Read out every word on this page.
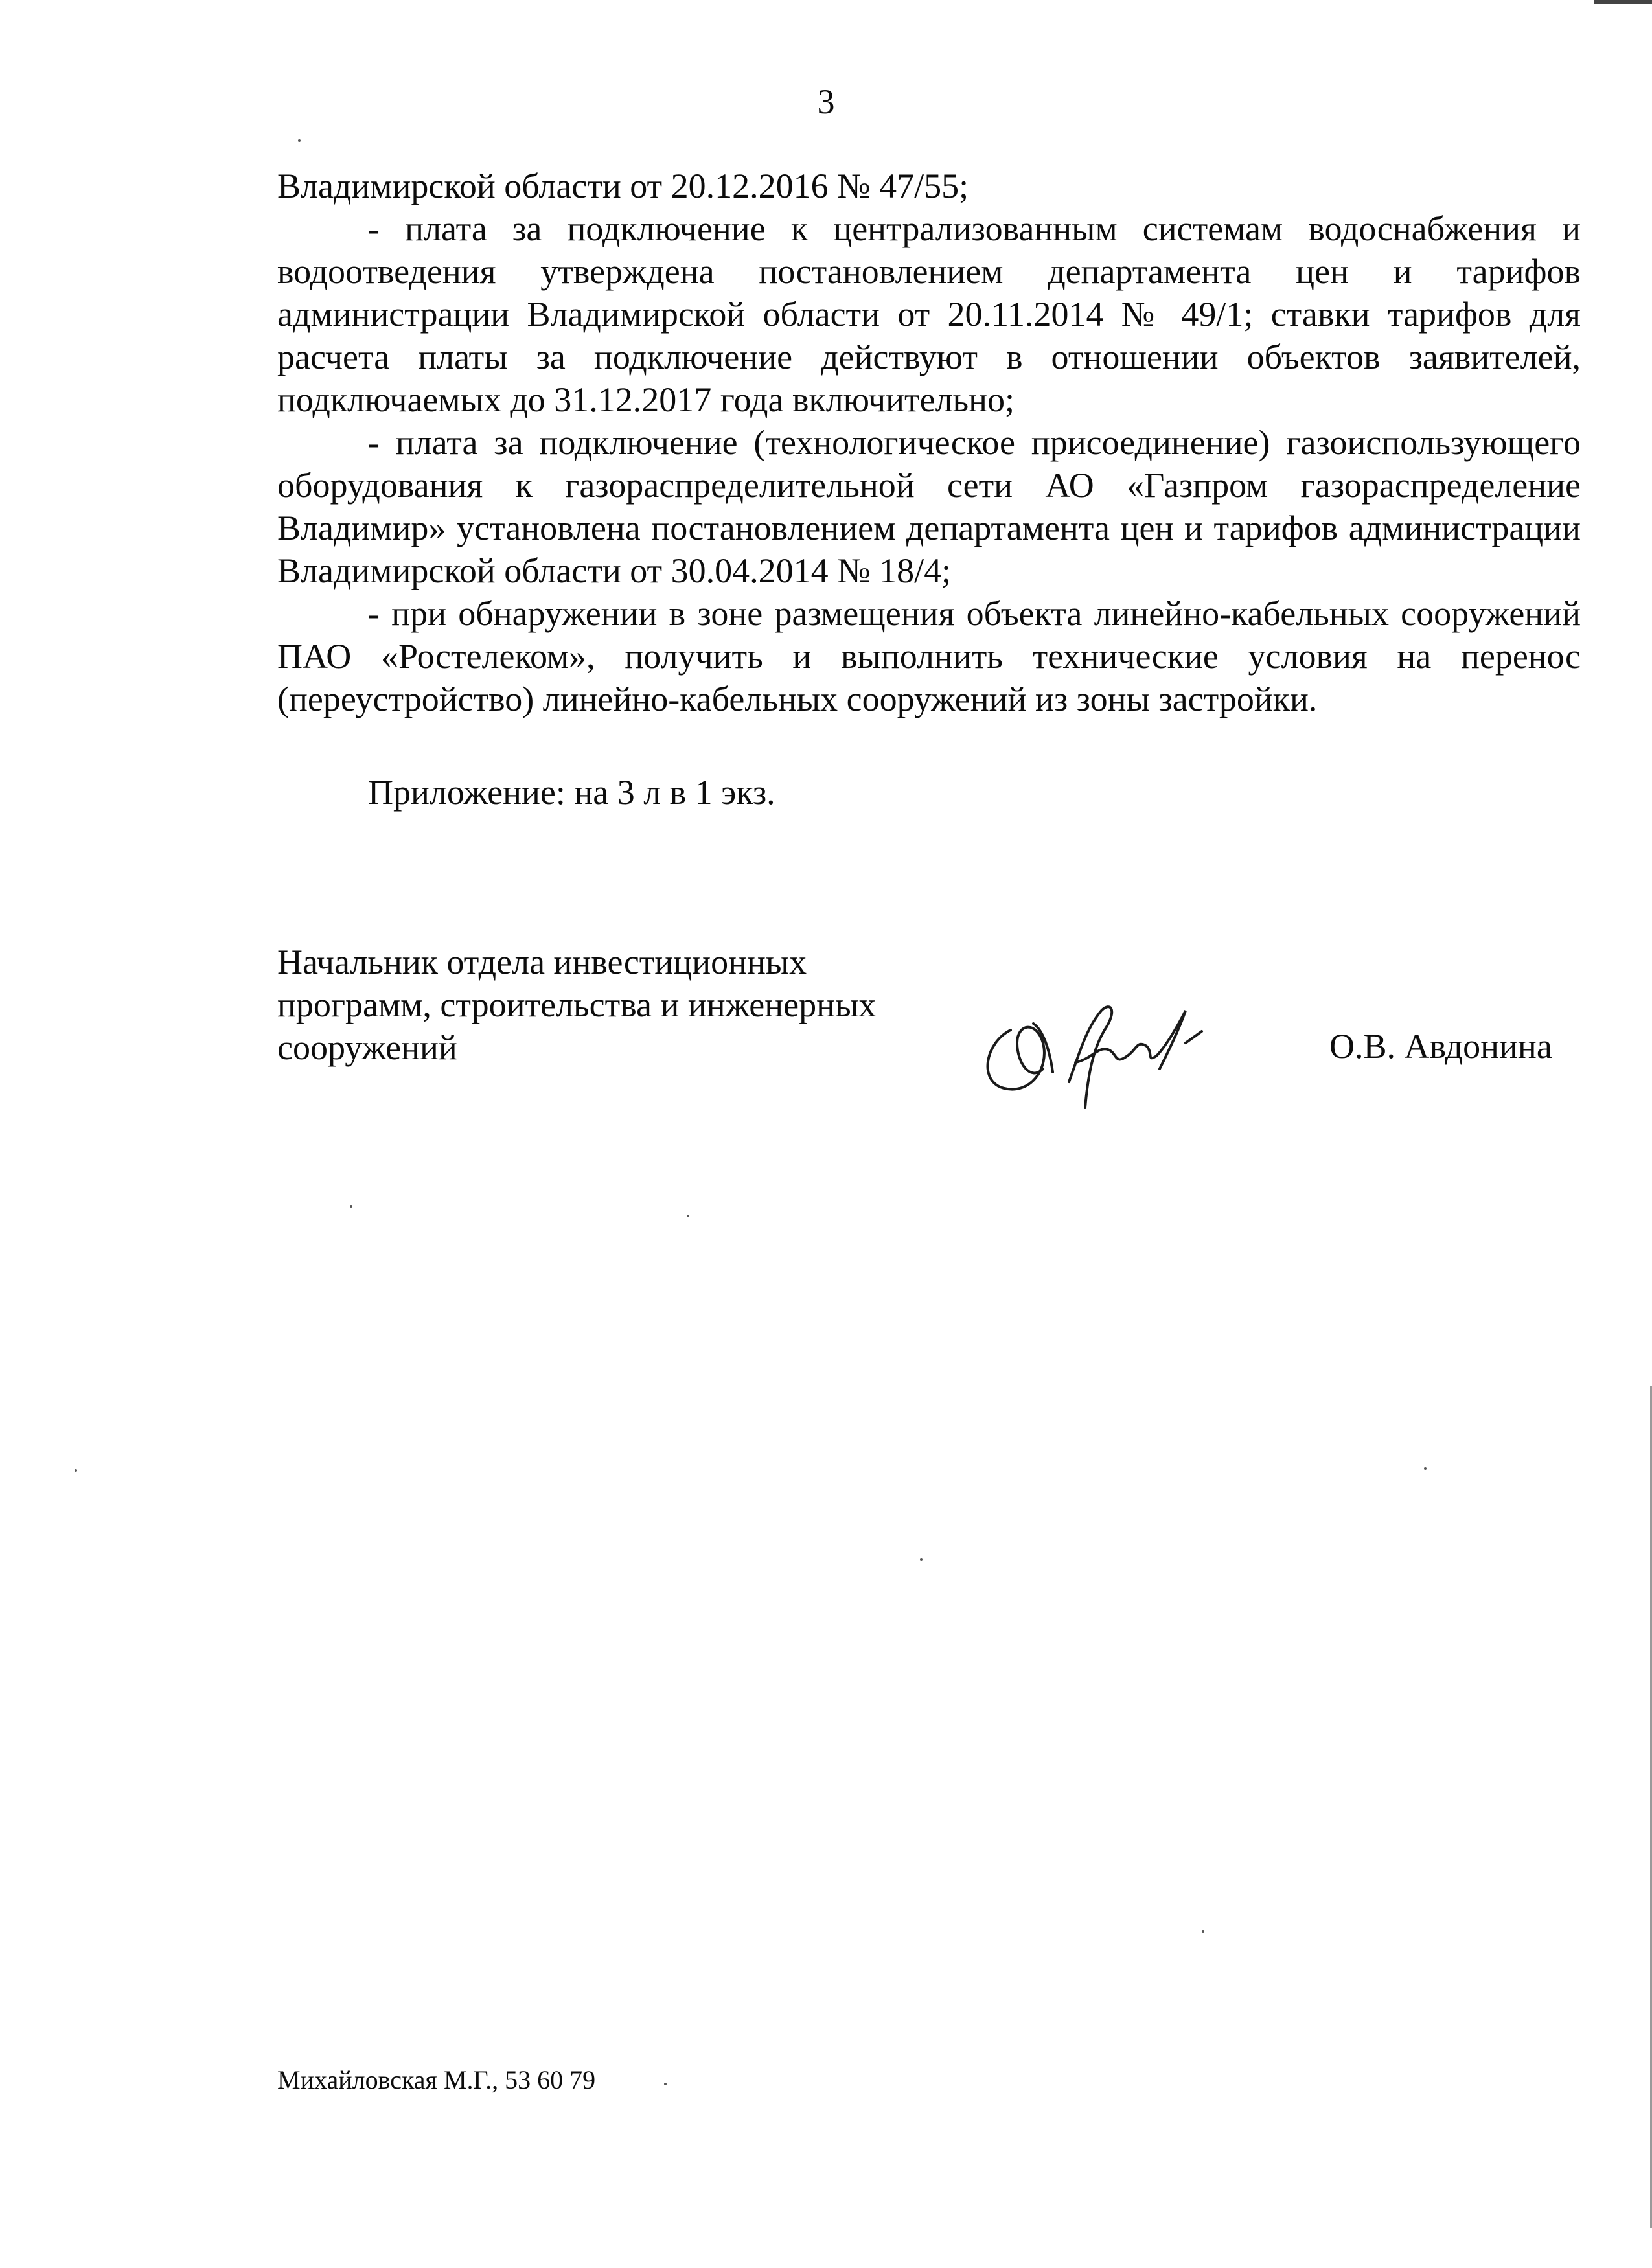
3

Владимирской области от 20.12.2016 № 47/55;

- плата за подключение к централизованным системам водоснабжения и водоотведения утверждена постановлением департамента цен и тарифов администрации Владимирской области от 20.11.2014 № 49/1; ставки тарифов для расчета платы за подключение действуют в отношении объектов заявителей, подключаемых до 31.12.2017 года включительно;

- плата за подключение (технологическое присоединение) газоиспользующего оборудования к газораспределительной сети АО «Газпром газораспределение Владимир» установлена постановлением департамента цен и тарифов администрации Владимирской области от 30.04.2014 № 18/4;

- при обнаружении в зоне размещения объекта линейно-кабельных сооружений ПАО «Ростелеком», получить и выполнить технические условия на перенос (переустройство) линейно-кабельных сооружений из зоны застройки.

Приложение: на 3 л в 1 экз.
Начальник отдела инвестиционных
программ, строительства и инженерных
сооружений	О.В. Авдонина
Михайловская М.Г., 53 60 79
